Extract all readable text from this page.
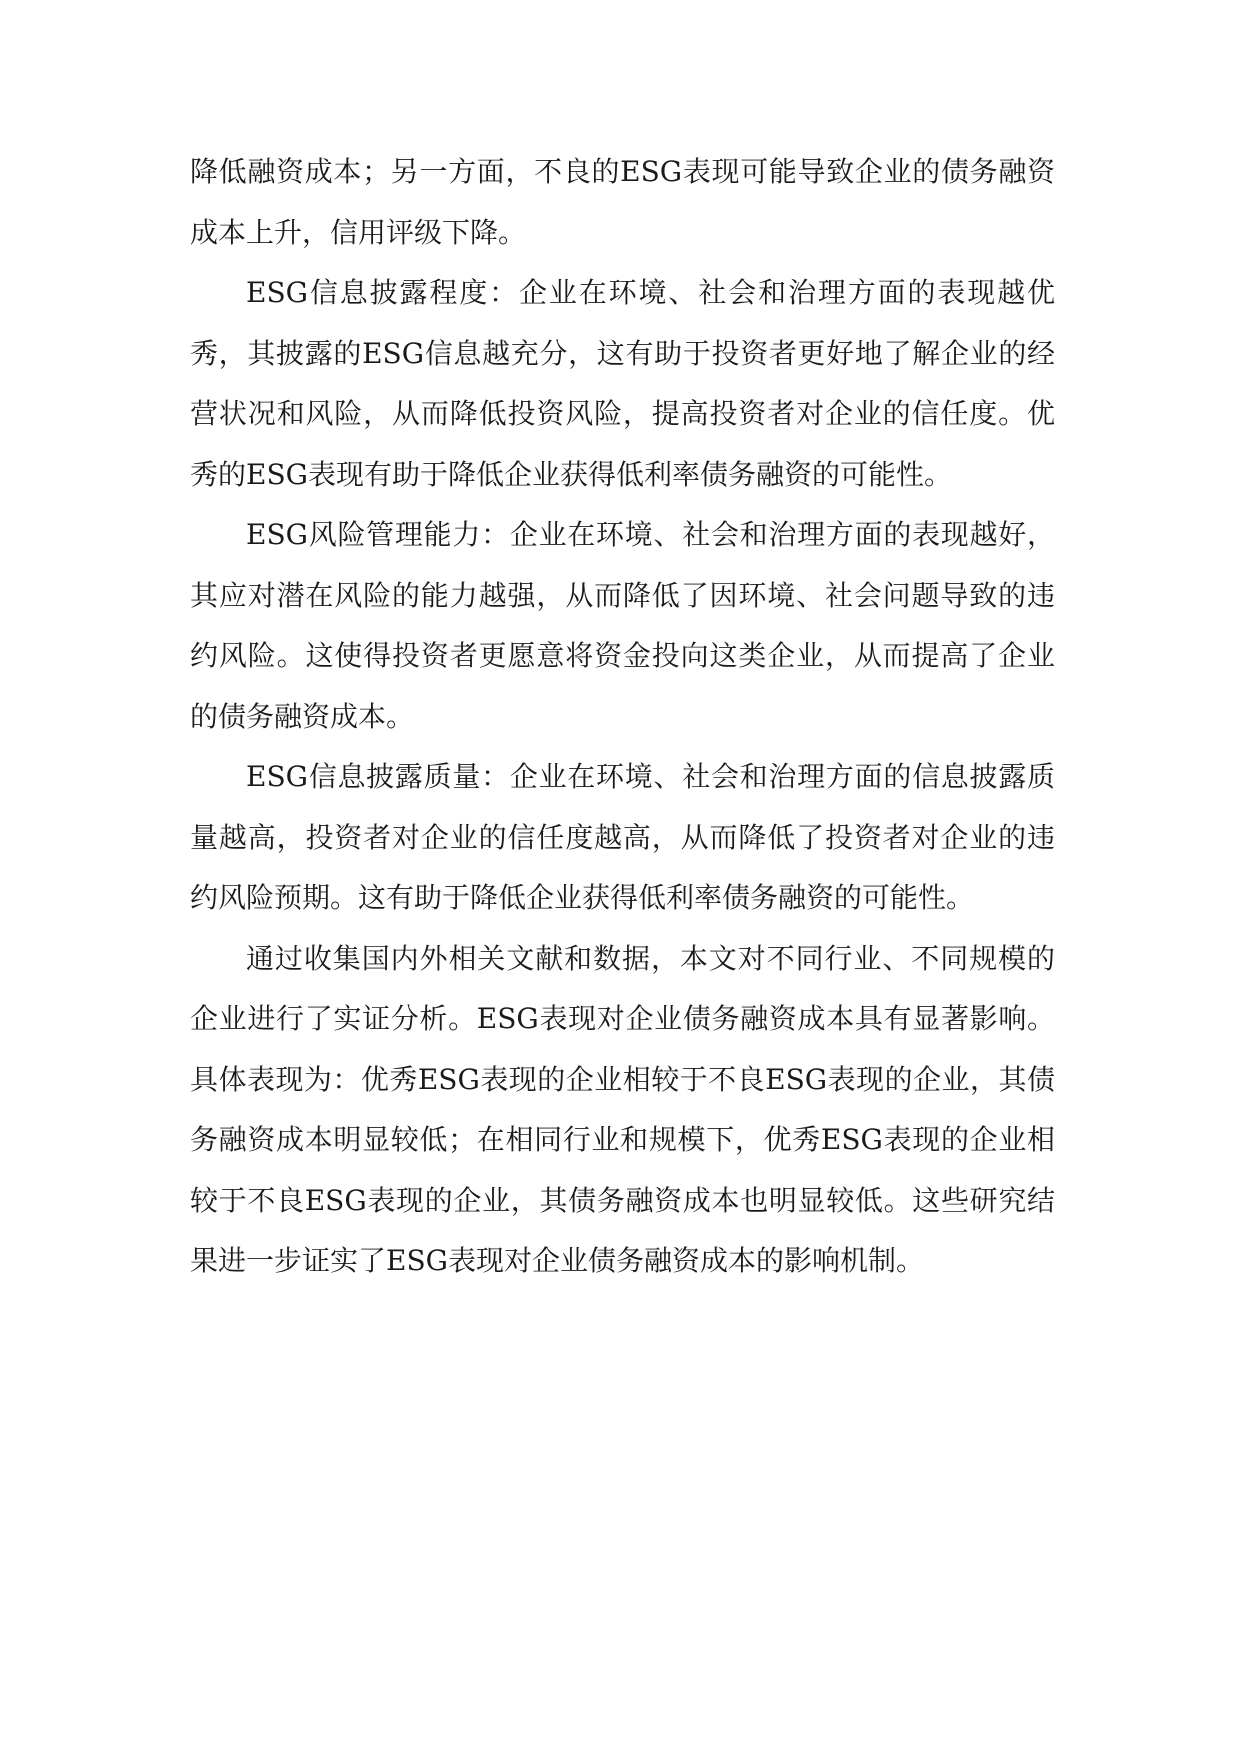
降低融资成本；另一方面，不良的ESG表现可能导致企业的债务融资成本上升，信用评级下降。

ESG信息披露程度：企业在环境、社会和治理方面的表现越优秀，其披露的ESG信息越充分，这有助于投资者更好地了解企业的经营状况和风险，从而降低投资风险，提高投资者对企业的信任度。优秀的ESG表现有助于降低企业获得低利率债务融资的可能性。

ESG风险管理能力：企业在环境、社会和治理方面的表现越好，其应对潜在风险的能力越强，从而降低了因环境、社会问题导致的违约风险。这使得投资者更愿意将资金投向这类企业，从而提高了企业的债务融资成本。

ESG信息披露质量：企业在环境、社会和治理方面的信息披露质量越高，投资者对企业的信任度越高，从而降低了投资者对企业的违约风险预期。这有助于降低企业获得低利率债务融资的可能性。

通过收集国内外相关文献和数据，本文对不同行业、不同规模的企业进行了实证分析。ESG表现对企业债务融资成本具有显著影响。具体表现为：优秀ESG表现的企业相较于不良ESG表现的企业，其债务融资成本明显较低；在相同行业和规模下，优秀ESG表现的企业相较于不良ESG表现的企业，其债务融资成本也明显较低。这些研究结果进一步证实了ESG表现对企业债务融资成本的影响机制。
